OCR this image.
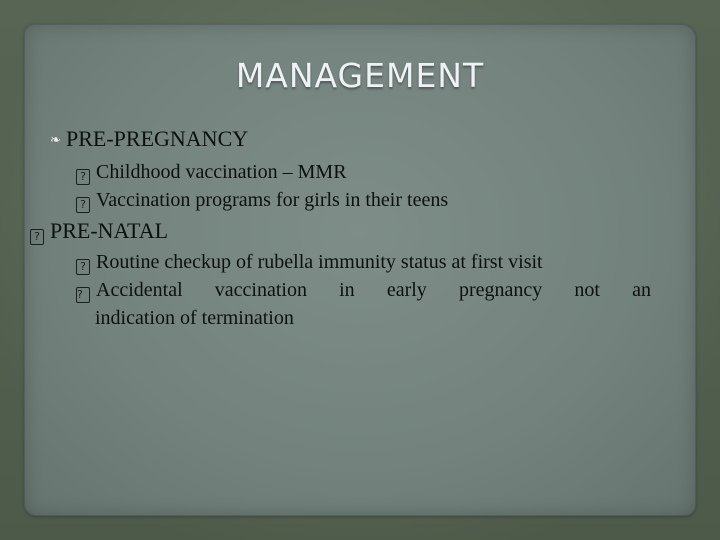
MANAGEMENT
❧ PRE-PREGNANCY
? Childhood vaccination – MMR
? Vaccination programs for girls in their teens
? PRE-NATAL
? Routine checkup of rubella immunity status at first visit
? Accidental vaccination in early pregnancy not an
indication of termination
